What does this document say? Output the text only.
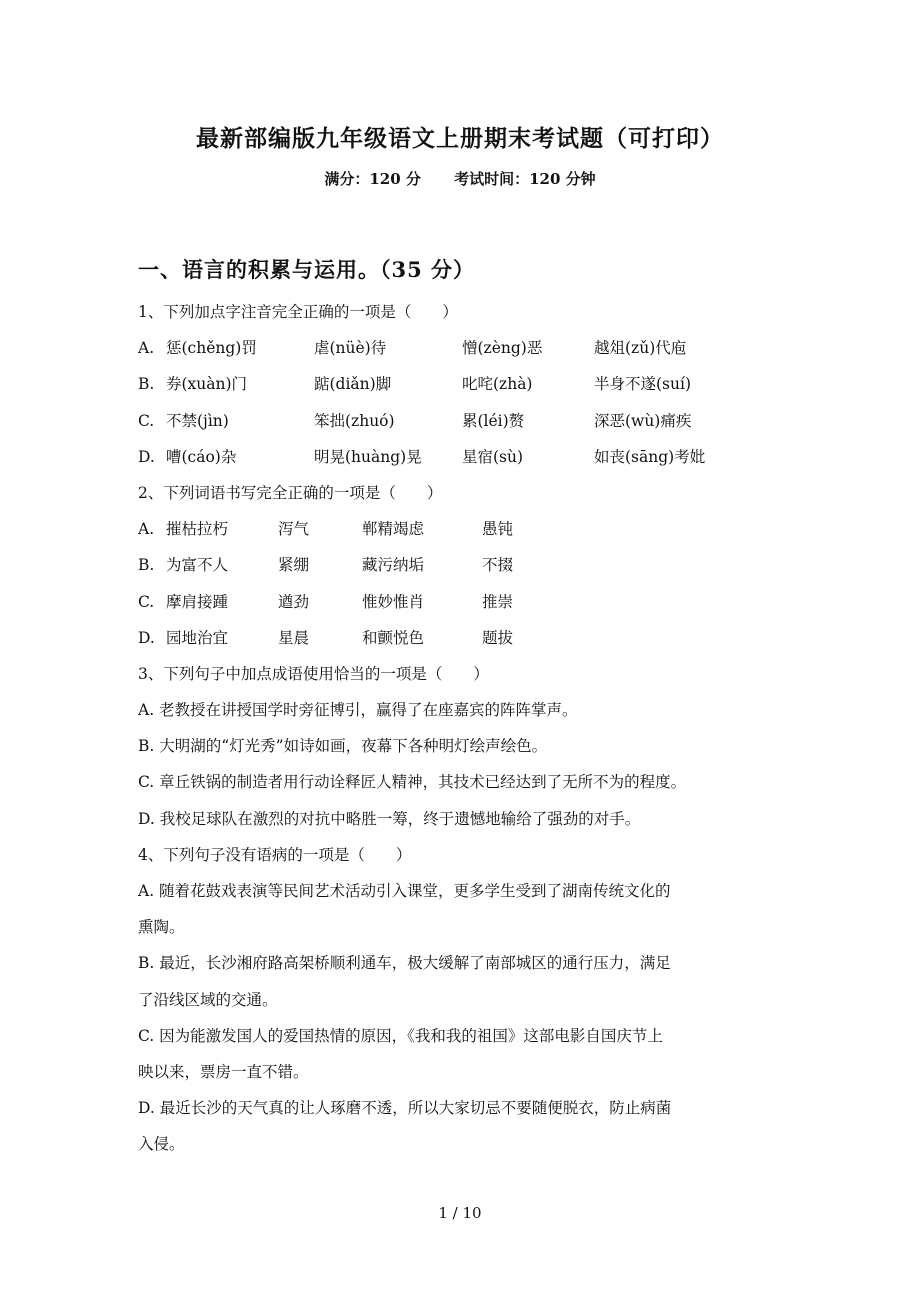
最新部编版九年级语文上册期末考试题（可打印）
满分：120 分 考试时间：120 分钟
一、语言的积累与运用。（35 分）
1、下列加点字注音完全正确的一项是（　　）
A. 惩(chěng)罚	虐(nüè)待	憎(zèng)恶	越俎(zǔ)代庖
B. 券(xuàn)门	踮(diǎn)脚	叱咤(zhà)	半身不遂(suí)
C. 不禁(jìn)	笨拙(zhuó)	累(léi)赘	深恶(wù)痛疾
D. 嘈(cáo)杂	明晃(huàng)晃	星宿(sù)	如丧(sāng)考妣
2、下列词语书写完全正确的一项是（　　）
A. 摧枯拉朽	泻气	郸精竭虑	愚钝
B. 为富不人	紧绷	藏污纳垢	不掇
C. 摩肩接踵	遒劲	惟妙惟肖	推崇
D. 园地治宜	星晨	和颤悦色	题拔
3、下列句子中加点成语使用恰当的一项是（　　）
A. 老教授在讲授国学时旁征博引，赢得了在座嘉宾的阵阵掌声。
B. 大明湖的“灯光秀”如诗如画，夜幕下各种明灯绘声绘色。
C. 章丘铁锅的制造者用行动诠释匠人精神，其技术已经达到了无所不为的程度。
D. 我校足球队在激烈的对抗中略胜一筹，终于遗憾地输给了强劲的对手。
4、下列句子没有语病的一项是（　　）
A. 随着花鼓戏表演等民间艺术活动引入课堂，更多学生受到了湖南传统文化的
熏陶。
B. 最近，长沙湘府路高架桥顺利通车，极大缓解了南部城区的通行压力，满足
了沿线区域的交通。
C. 因为能激发国人的爱国热情的原因，《我和我的祖国》这部电影自国庆节上
映以来，票房一直不错。
D. 最近长沙的天气真的让人琢磨不透，所以大家切忌不要随便脱衣，防止病菌
入侵。
1 / 10
